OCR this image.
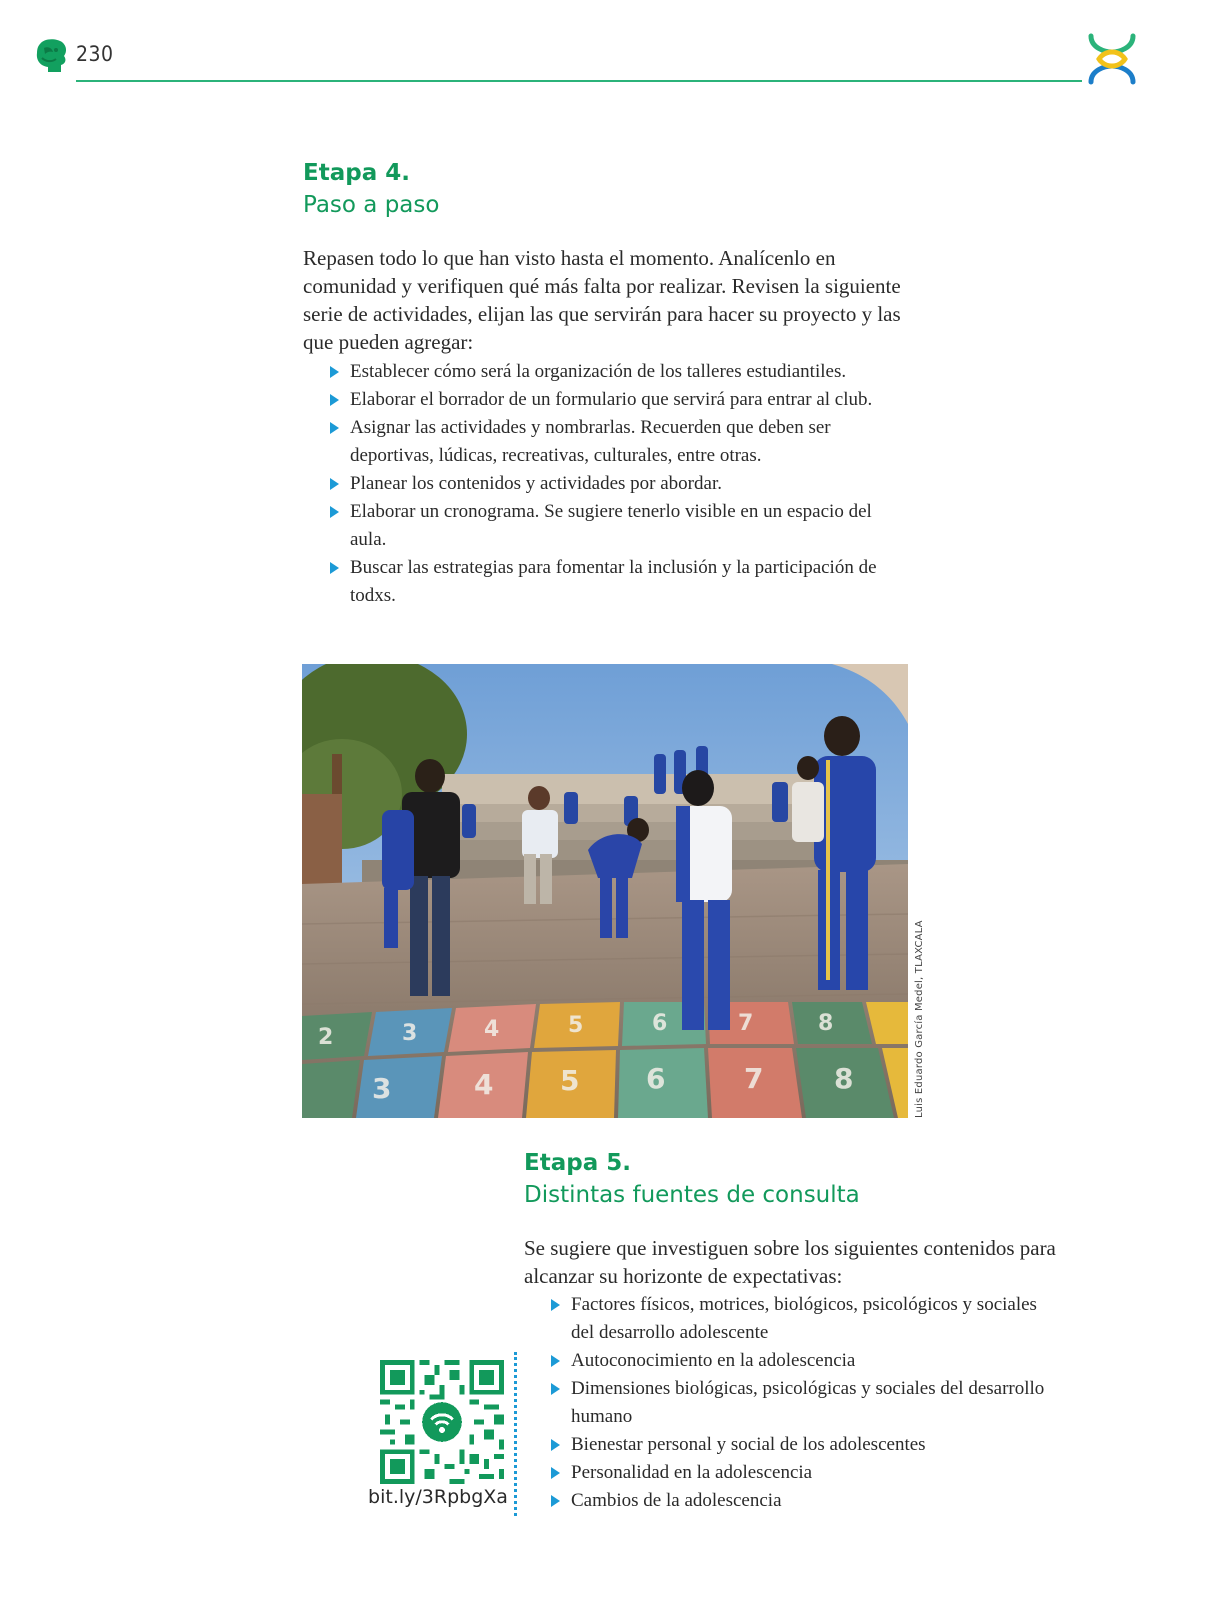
230
Etapa 4.
Paso a paso

Repasen todo lo que han visto hasta el momento. Analícenlo en comunidad y verifiquen qué más falta por realizar. Revisen la siguiente serie de actividades, elijan las que servirán para hacer su proyecto y las que pueden agregar:

Establecer cómo será la organización de los talleres estudiantiles.
Elaborar el borrador de un formulario que servirá para entrar al club.
Asignar las actividades y nombrarlas. Recuerden que deben ser deportivas, lúdicas, recreativas, culturales, entre otras.
Planear los contenidos y actividades por abordar.
Elaborar un cronograma. Se sugiere tenerlo visible en un espacio del aula.
Buscar las estrategias para fomentar la inclusión y la participación de todxs.
2	3	4	5	6	7	8
3	4 5 6	7	8	Luis Eduardo García Medel, TLAXCALA
Etapa 5.
Distintas fuentes de consulta

Se sugiere que investiguen sobre los siguientes contenidos para alcanzar su horizonte de expectativas:

Factores físicos, motrices, biológicos, psicológicos y sociales del desarrollo adolescente
Autoconocimiento en la adolescencia
Dimensiones biológicas, psicológicas y sociales del desarrollo humano
Bienestar personal y social de los adolescentes
Personalidad en la adolescencia
Cambios de la adolescencia
bit.ly/3RpbgXa
